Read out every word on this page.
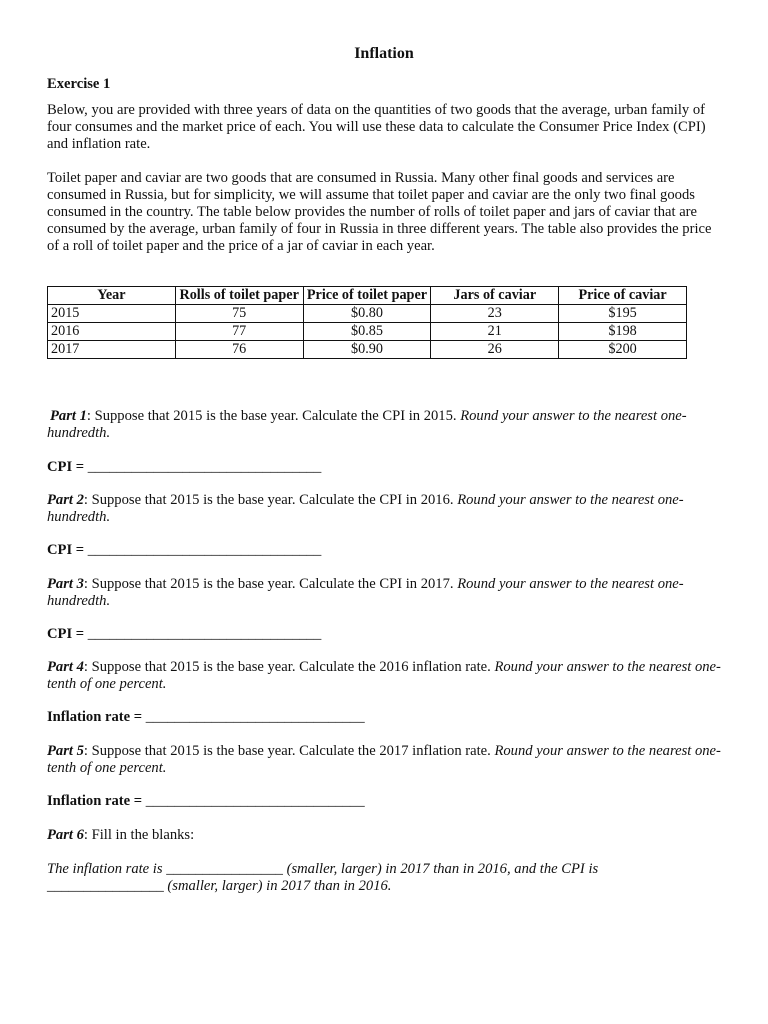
Inflation
Exercise 1
Below, you are provided with three years of data on the quantities of two goods that the average, urban family of four consumes and the market price of each. You will use these data to calculate the Consumer Price Index (CPI) and inflation rate.
Toilet paper and caviar are two goods that are consumed in Russia. Many other final goods and services are consumed in Russia, but for simplicity, we will assume that toilet paper and caviar are the only two final goods consumed in the country. The table below provides the number of rolls of toilet paper and jars of caviar that are consumed by the average, urban family of four in Russia in three different years. The table also provides the price of a roll of toilet paper and the price of a jar of caviar in each year.
Year	Rolls of toilet paper	Price of toilet paper	Jars of caviar	Price of caviar
2015	75	$0.80	23	$195
2016	77	$0.85	21	$198
2017	76	$0.90	26	$200
Part 1: Suppose that 2015 is the base year. Calculate the CPI in 2015. Round your answer to the nearest one-hundredth.
CPI = ________________________________
Part 2: Suppose that 2015 is the base year. Calculate the CPI in 2016. Round your answer to the nearest one-hundredth.
CPI = ________________________________
Part 3: Suppose that 2015 is the base year. Calculate the CPI in 2017. Round your answer to the nearest one-hundredth.
CPI = ________________________________
Part 4: Suppose that 2015 is the base year. Calculate the 2016 inflation rate. Round your answer to the nearest one-tenth of one percent.
Inflation rate = ______________________________
Part 5: Suppose that 2015 is the base year. Calculate the 2017 inflation rate. Round your answer to the nearest one-tenth of one percent.
Inflation rate = ______________________________
Part 6: Fill in the blanks:
The inflation rate is ________________ (smaller, larger) in 2017 than in 2016, and the CPI is ________________ (smaller, larger) in 2017 than in 2016.
